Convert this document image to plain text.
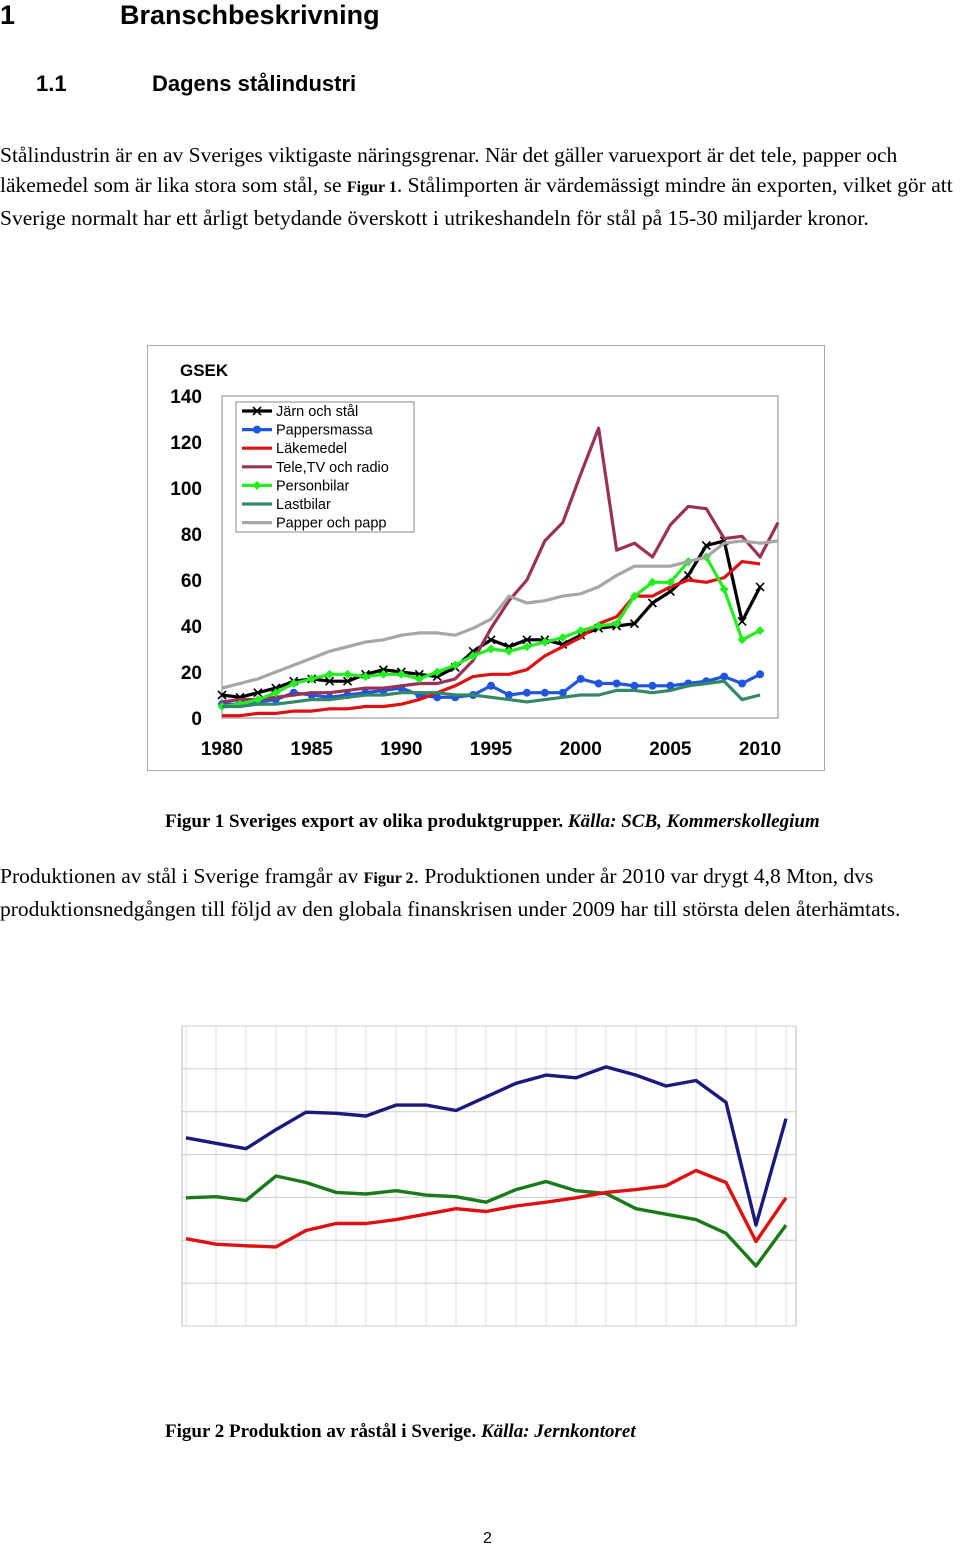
1	Branschbeskrivning
1.1	Dagens stålindustri
Stålindustrin är en av Sveriges viktigaste näringsgrenar. När det gäller varuexport är det tele, papper och läkemedel som är lika stora som stål, se Figur 1. Stålimporten är värdemässigt mindre än exporten, vilket gör att Sverige normalt har ett årligt betydande överskott i utrikeshandeln för stål på 15-30 miljarder kronor.
GSEK
0
20
40
60
80
100
120
140
1980 1985 1990 1995 2000 2005 2010
Järn och stål
Pappersmassa
Läkemedel
Tele,TV och radio
Personbilar
Lastbilar
Papper och papp
Figur 1 Sveriges export av olika produktgrupper. Källa: SCB, Kommerskollegium
Produktionen av stål i Sverige framgår av Figur 2. Produktionen under år 2010 var drygt 4,8 Mton, dvs produktionsnedgången till följd av den globala finanskrisen under 2009 har till största delen återhämtats.
Figur 2 Produktion av råstål i Sverige. Källa: Jernkontoret
2
